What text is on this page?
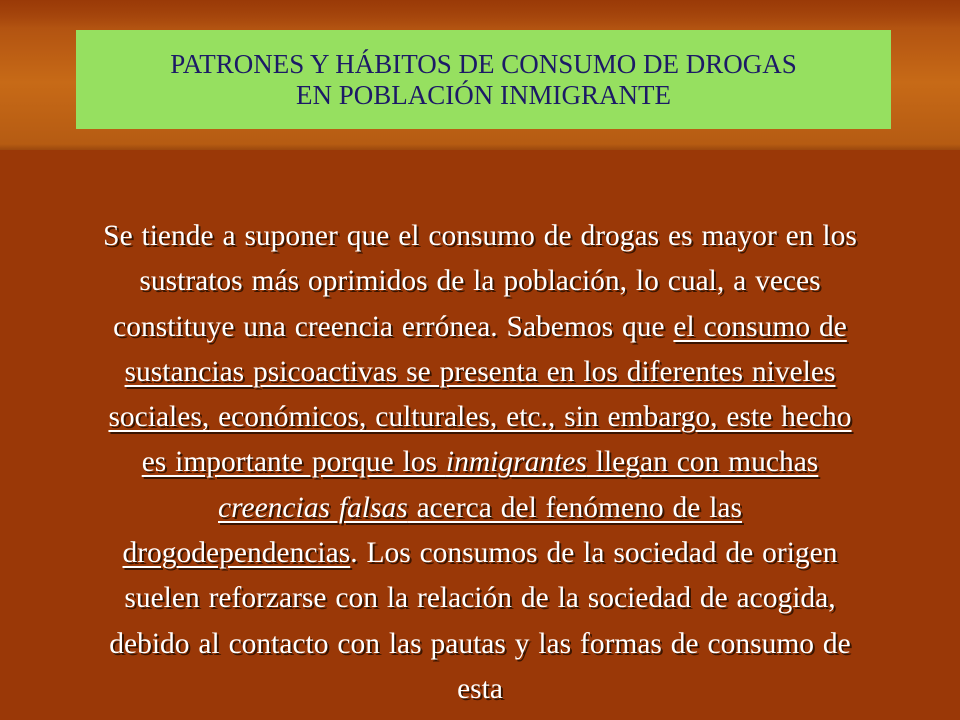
PATRONES Y HÁBITOS DE CONSUMO DE DROGAS
EN POBLACIÓN INMIGRANTE
Se tiende a suponer que el consumo de drogas es mayor en los
sustratos más oprimidos de la población, lo cual, a veces
constituye una creencia errónea. Sabemos que el consumo de
sustancias psicoactivas se presenta en los diferentes niveles
sociales, económicos, culturales, etc., sin embargo, este hecho
es importante porque los inmigrantes llegan con muchas
creencias falsas acerca del fenómeno de las
drogodependencias. Los consumos de la sociedad de origen
suelen reforzarse con la relación de la sociedad de acogida,
debido al contacto con las pautas y las formas de consumo de
esta
